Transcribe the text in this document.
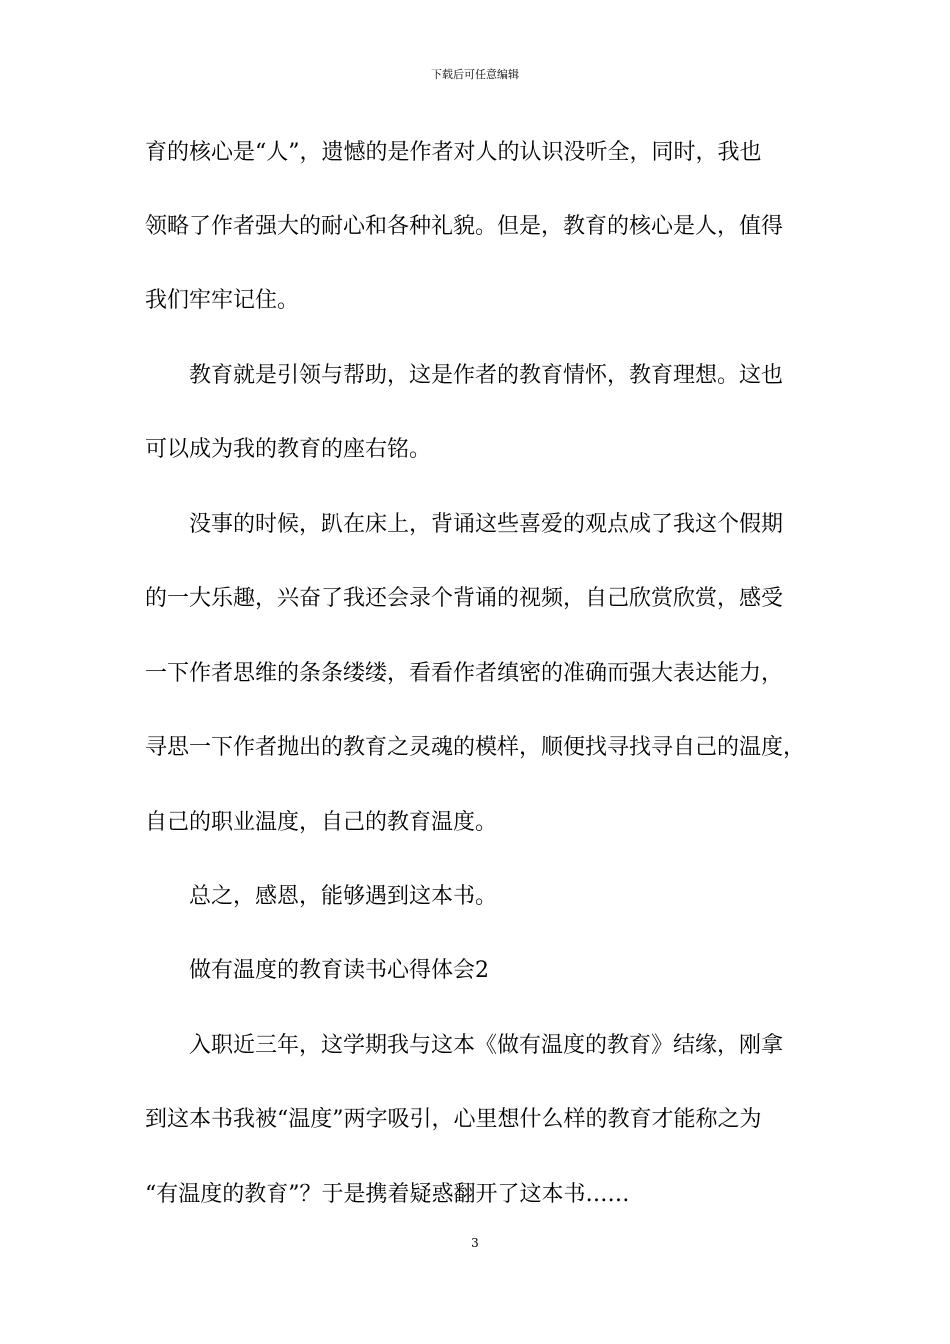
下载后可任意编辑
育的核心是“人”，遗憾的是作者对人的认识没听全，同时，我也
领略了作者强大的耐心和各种礼貌。但是，教育的核心是人，值得
我们牢牢记住。
　　教育就是引领与帮助，这是作者的教育情怀，教育理想。这也
可以成为我的教育的座右铭。
　　没事的时候，趴在床上，背诵这些喜爱的观点成了我这个假期
的一大乐趣，兴奋了我还会录个背诵的视频，自己欣赏欣赏，感受
一下作者思维的条条缕缕，看看作者缜密的准确而强大表达能力，
寻思一下作者抛出的教育之灵魂的模样，顺便找寻找寻自己的温度，
自己的职业温度，自己的教育温度。
　　总之，感恩，能够遇到这本书。
　　做有温度的教育读书心得体会2
　　入职近三年，这学期我与这本《做有温度的教育》结缘，刚拿
到这本书我被“温度”两字吸引，心里想什么样的教育才能称之为
“有温度的教育”？于是携着疑惑翻开了这本书……
3
